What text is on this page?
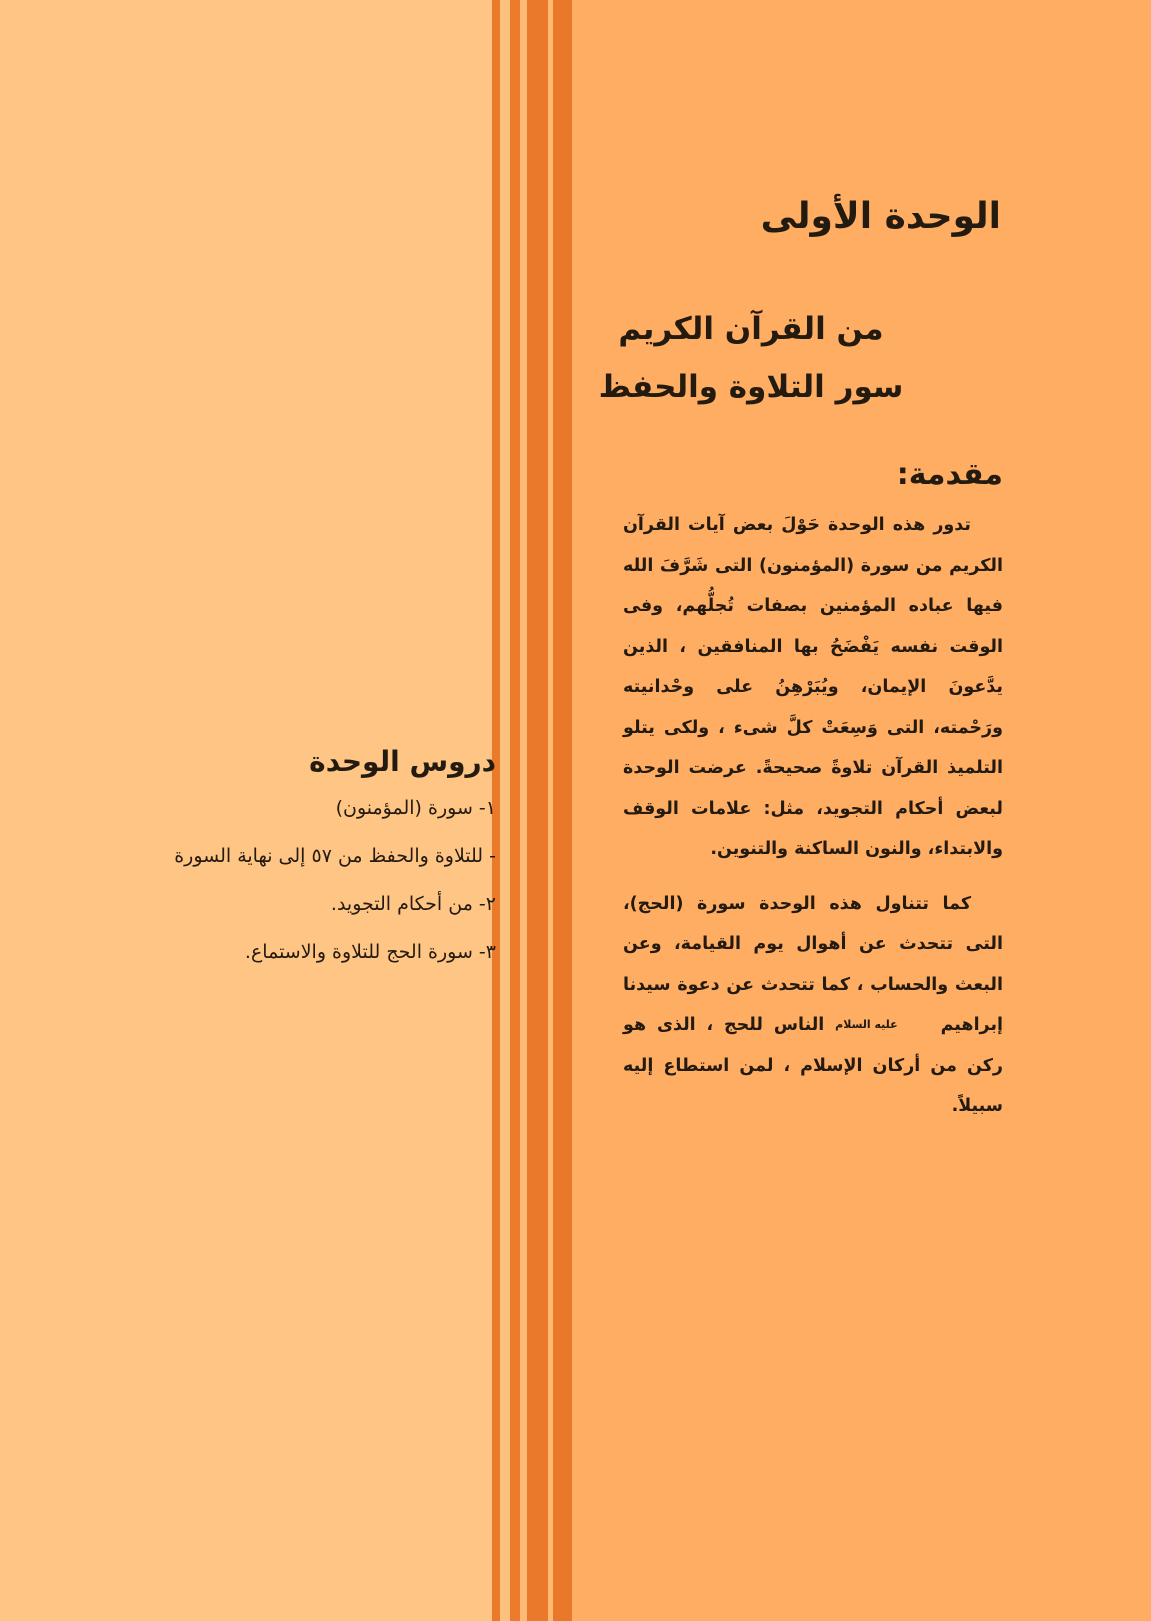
الوحدة الأولى
من القرآن الكريم
سور التلاوة والحفظ
مقدمة:

تدور هذه الوحدة حَوْلَ بعض آيات القرآن الكريم من سورة (المؤمنون) التى شَرَّفَ الله فيها عباده المؤمنين بصفات تُجلُّهم، وفى الوقت نفسه يَفْضَحُ بها المنافقين ، الذين يدَّعونَ الإيمان، ويُبَرْهِنُ على وحْدانيته ورَحْمته، التى وَسِعَتْ كلَّ شىء ، ولكى يتلو التلميذ القرآن تلاوةً صحيحةً. عرضت الوحدة لبعض أحكام التجويد، مثل: علامات الوقف والابتداء، والنون الساكنة والتنوين.

كما تتناول هذه الوحدة سورة (الحج)، التى تتحدث عن أهوال يوم القيامة، وعن البعث والحساب ، كما تتحدث عن دعوة سيدنا إبراهيم عليه السلام الناس للحج ، الذى هو ركن من أركان الإسلام ، لمن استطاع إليه سبيلاً.

دروس الوحدة
١- سورة (المؤمنون)
- للتلاوة والحفظ من ٥٧ إلى نهاية السورة
٢- من أحكام التجويد.
٣- سورة الحج للتلاوة والاستماع.
